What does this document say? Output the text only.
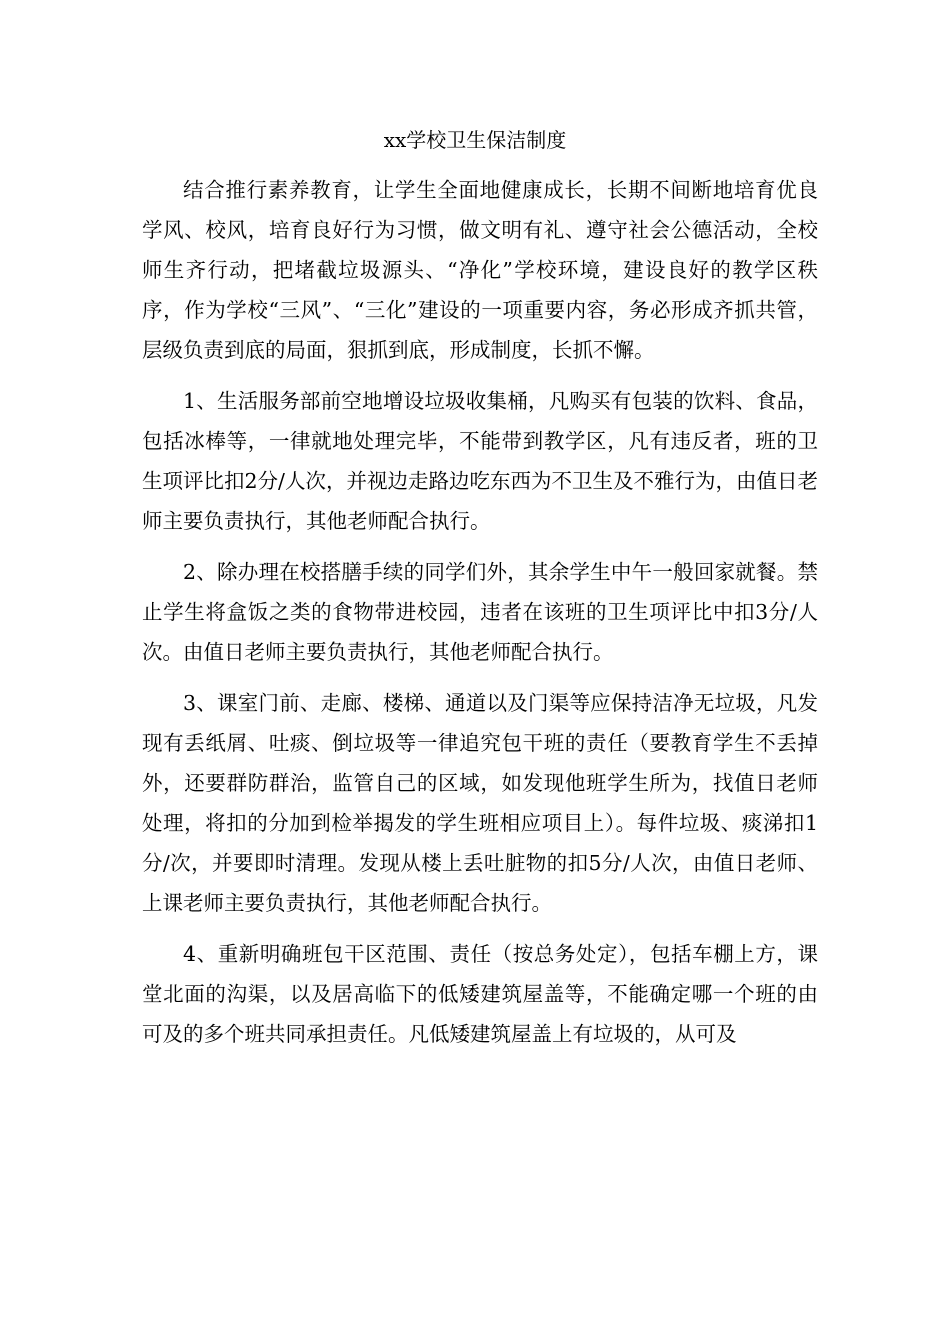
xx学校卫生保洁制度

结合推行素养教育，让学生全面地健康成长，长期不间断地培育优良学风、校风，培育良好行为习惯，做文明有礼、遵守社会公德活动，全校师生齐行动，把堵截垃圾源头、“净化”学校环境，建设良好的教学区秩序，作为学校“三风”、“三化”建设的一项重要内容，务必形成齐抓共管，层级负责到底的局面，狠抓到底，形成制度，长抓不懈。

1、生活服务部前空地增设垃圾收集桶，凡购买有包装的饮料、食品，包括冰棒等，一律就地处理完毕，不能带到教学区，凡有违反者，班的卫生项评比扣2分/人次，并视边走路边吃东西为不卫生及不雅行为，由值日老师主要负责执行，其他老师配合执行。

2、除办理在校搭膳手续的同学们外，其余学生中午一般回家就餐。禁止学生将盒饭之类的食物带进校园，违者在该班的卫生项评比中扣3分/人次。由值日老师主要负责执行，其他老师配合执行。

3、课室门前、走廊、楼梯、通道以及门渠等应保持洁净无垃圾，凡发现有丢纸屑、吐痰、倒垃圾等一律追究包干班的责任（要教育学生不丢掉外，还要群防群治，监管自己的区域，如发现他班学生所为，找值日老师处理，将扣的分加到检举揭发的学生班相应项目上）。每件垃圾、痰涕扣1分/次，并要即时清理。发现从楼上丢吐脏物的扣5分/人次，由值日老师、上课老师主要负责执行，其他老师配合执行。

4、重新明确班包干区范围、责任（按总务处定），包括车棚上方，课堂北面的沟渠，以及居高临下的低矮建筑屋盖等，不能确定哪一个班的由可及的多个班共同承担责任。凡低矮建筑屋盖上有垃圾的，从可及
